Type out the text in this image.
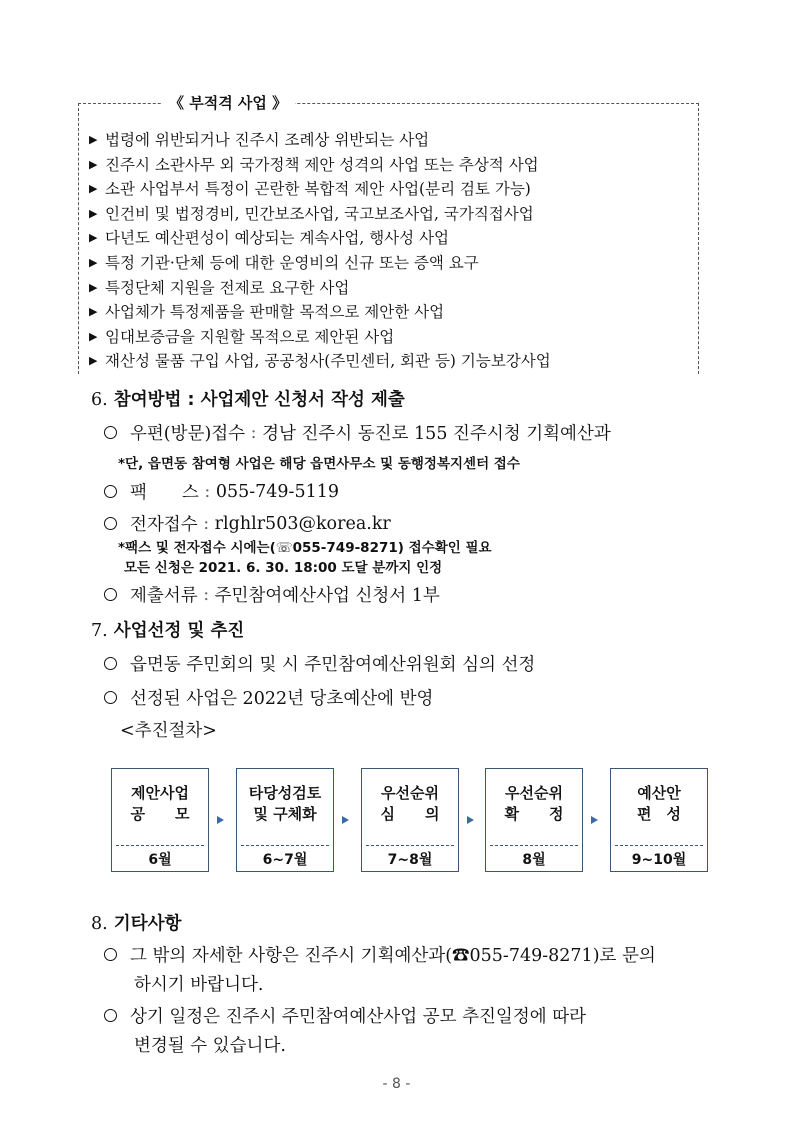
《 부적격 사업 》
▶ 법령에 위반되거나 진주시 조례상 위반되는 사업
▶ 진주시 소관사무 외 국가정책 제안 성격의 사업 또는 추상적 사업
▶ 소관 사업부서 특정이 곤란한 복합적 제안 사업(분리 검토 가능)
▶ 인건비 및 법정경비, 민간보조사업, 국고보조사업, 국가직접사업
▶ 다년도 예산편성이 예상되는 계속사업, 행사성 사업
▶ 특정 기관·단체 등에 대한 운영비의 신규 또는 증액 요구
▶ 특정단체 지원을 전제로 요구한 사업
▶ 사업체가 특정제품을 판매할 목적으로 제안한 사업
▶ 임대보증금을 지원할 목적으로 제안된 사업
▶ 재산성 물품 구입 사업, 공공청사(주민센터, 회관 등) 기능보강사업
6. 참여방법 : 사업제안 신청서 작성 제출
우편(방문)접수 : 경남 진주시 동진로 155 진주시청 기획예산과
*단, 읍면동 참여형 사업은 해당 읍면사무소 및 동행정복지센터 접수
팩　　스 : 055-749-5119
전자접수 : rlghlr503@korea.kr
*팩스 및 전자접수 시에는(☏055-749-8271) 접수확인 필요
모든 신청은 2021. 6. 30. 18:00 도달 분까지 인정
제출서류 : 주민참여예산사업 신청서 1부
7. 사업선정 및 추진
읍면동 주민회의 및 시 주민참여예산위원회 심의 선정
선정된 사업은 2022년 당초예산에 반영
<추진절차>
제안사업
공　　모
6월
타당성검토
및 구체화
6~7월
우선순위
심　　의
7~8월
우선순위
확　　정
8월
예산안
편　성
9~10월
8. 기타사항
그 밖의 자세한 사항은 진주시 기획예산과(☎055-749-8271)로 문의
하시기 바랍니다.
상기 일정은 진주시 주민참여예산사업 공모 추진일정에 따라
변경될 수 있습니다.
- 8 -
